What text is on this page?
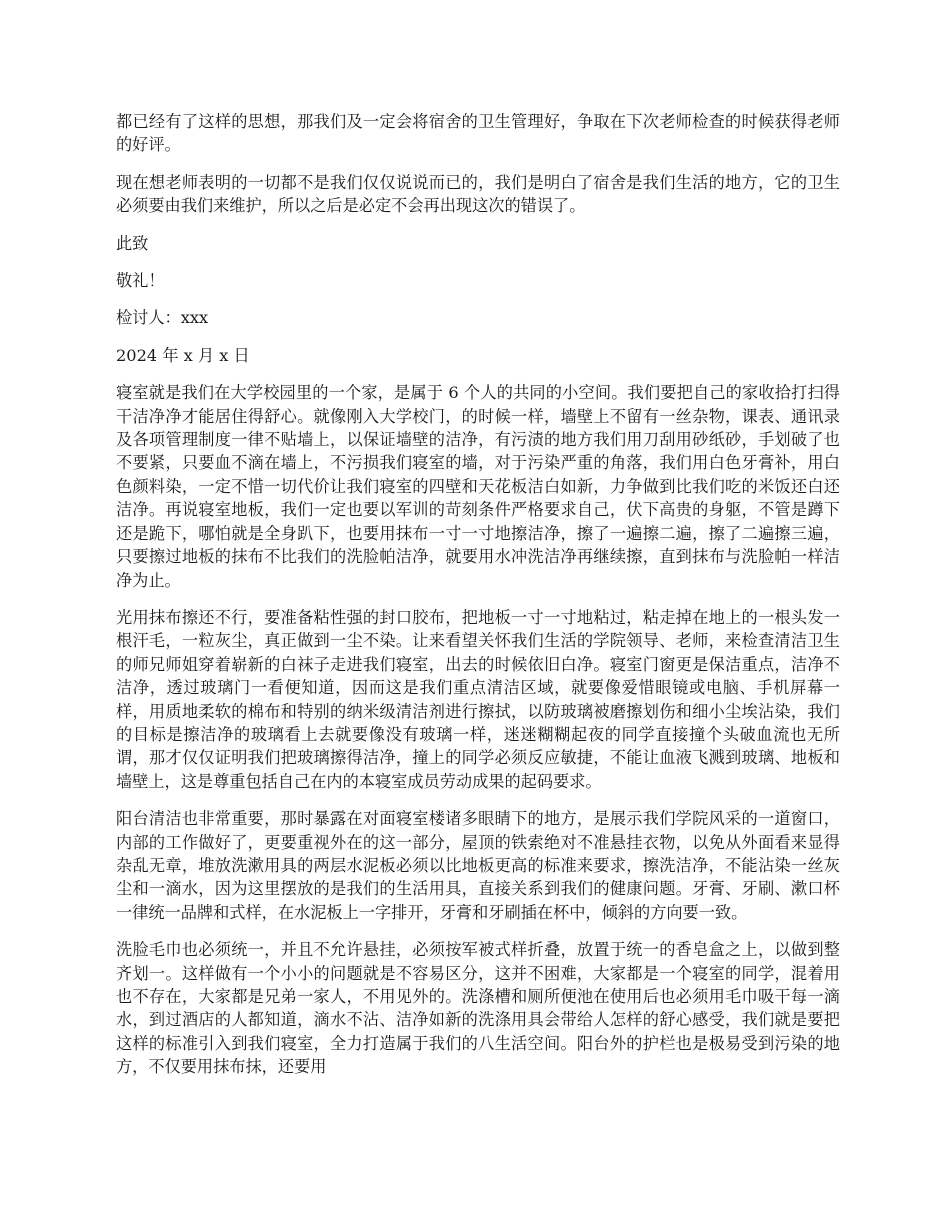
都已经有了这样的思想，那我们及一定会将宿舍的卫生管理好，争取在下次老师检查的时候获得老师的好评。

现在想老师表明的一切都不是我们仅仅说说而已的，我们是明白了宿舍是我们生活的地方，它的卫生必须要由我们来维护，所以之后是必定不会再出现这次的错误了。

此致

敬礼！

检讨人：xxx

2024 年 x 月 x 日

寝室就是我们在大学校园里的一个家，是属于 6 个人的共同的小空间。我们要把自己的家收拾打扫得干洁净净才能居住得舒心。就像刚入大学校门，的时候一样，墙壁上不留有一丝杂物，课表、通讯录及各项管理制度一律不贴墙上，以保证墙壁的洁净，有污渍的地方我们用刀刮用砂纸砂，手划破了也不要紧，只要血不滴在墙上，不污损我们寝室的墙，对于污染严重的角落，我们用白色牙膏补，用白色颜料染，一定不惜一切代价让我们寝室的四壁和天花板洁白如新，力争做到比我们吃的米饭还白还洁净。再说寝室地板，我们一定也要以军训的苛刻条件严格要求自己，伏下高贵的身躯，不管是蹲下还是跪下，哪怕就是全身趴下，也要用抹布一寸一寸地擦洁净，擦了一遍擦二遍，擦了二遍擦三遍，只要擦过地板的抹布不比我们的洗脸帕洁净，就要用水冲洗洁净再继续擦，直到抹布与洗脸帕一样洁净为止。

光用抹布擦还不行，要准备粘性强的封口胶布，把地板一寸一寸地粘过，粘走掉在地上的一根头发一根汗毛，一粒灰尘，真正做到一尘不染。让来看望关怀我们生活的学院领导、老师，来检查清洁卫生的师兄师姐穿着崭新的白袜子走进我们寝室，出去的时候依旧白净。寝室门窗更是保洁重点，洁净不洁净，透过玻璃门一看便知道，因而这是我们重点清洁区域，就要像爱惜眼镜或电脑、手机屏幕一样，用质地柔软的棉布和特别的纳米级清洁剂进行擦拭，以防玻璃被磨擦划伤和细小尘埃沾染，我们的目标是擦洁净的玻璃看上去就要像没有玻璃一样，迷迷糊糊起夜的同学直接撞个头破血流也无所谓，那才仅仅证明我们把玻璃擦得洁净，撞上的同学必须反应敏捷，不能让血液飞溅到玻璃、地板和墙壁上，这是尊重包括自己在内的本寝室成员劳动成果的起码要求。

阳台清洁也非常重要，那时暴露在对面寝室楼诸多眼睛下的地方，是展示我们学院风采的一道窗口，内部的工作做好了，更要重视外在的这一部分，屋顶的铁索绝对不准悬挂衣物，以免从外面看来显得杂乱无章，堆放洗漱用具的两层水泥板必须以比地板更高的标准来要求，擦洗洁净，不能沾染一丝灰尘和一滴水，因为这里摆放的是我们的生活用具，直接关系到我们的健康问题。牙膏、牙刷、漱口杯一律统一品牌和式样，在水泥板上一字排开，牙膏和牙刷插在杯中，倾斜的方向要一致。

洗脸毛巾也必须统一，并且不允许悬挂，必须按军被式样折叠，放置于统一的香皂盒之上，以做到整齐划一。这样做有一个小小的问题就是不容易区分，这并不困难，大家都是一个寝室的同学，混着用也不存在，大家都是兄弟一家人，不用见外的。洗涤槽和厕所便池在使用后也必须用毛巾吸干每一滴水，到过酒店的人都知道，滴水不沾、洁净如新的洗涤用具会带给人怎样的舒心感受，我们就是要把这样的标准引入到我们寝室，全力打造属于我们的八生活空间。阳台外的护栏也是极易受到污染的地方，不仅要用抹布抹，还要用
